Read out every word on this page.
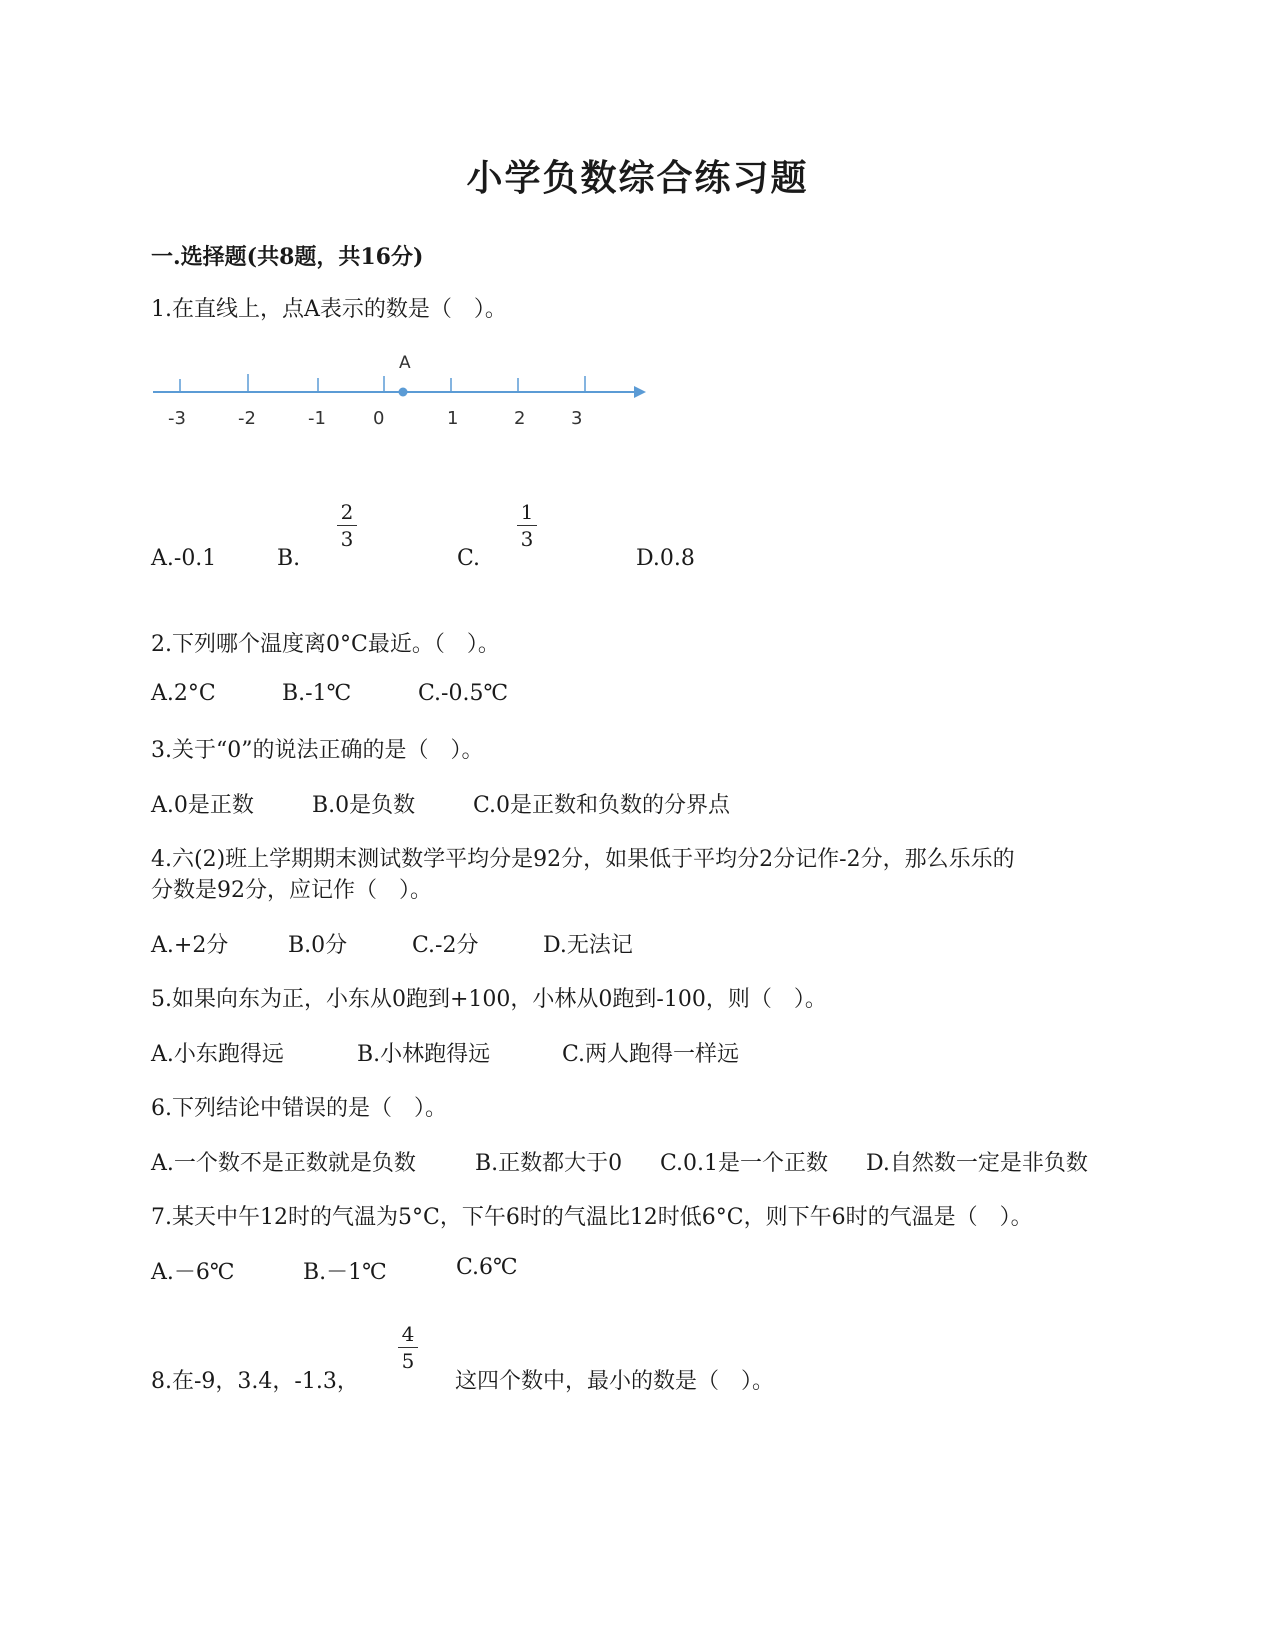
小学负数综合练习题
一.选择题(共8题，共16分)
1.在直线上，点A表示的数是（　）。
A
-3	-2	-1	0	1	2	3
A.-0.1	B.
2
3
C.
1
3
D.0.8
2.下列哪个温度离0°C最近。（　）。
A.2°C	B.-1℃	C.-0.5℃
3.关于“0”的说法正确的是（　）。
A.0是正数	B.0是负数	C.0是正数和负数的分界点
4.六(2)班上学期期末测试数学平均分是92分，如果低于平均分2分记作-2分，那么乐乐的
分数是92分，应记作（　）。
A.+2分	B.0分	C.-2分	D.无法记
5.如果向东为正，小东从0跑到+100，小林从0跑到-100，则（　）。
A.小东跑得远	B.小林跑得远	C.两人跑得一样远
6.下列结论中错误的是（　）。
A.一个数不是正数就是负数	B.正数都大于0 C.0.1是一个正数 D.自然数一定是非负数
7.某天中午12时的气温为5°C，下午6时的气温比12时低6°C，则下午6时的气温是（　）。
A.－6℃	B.－1℃	C.6℃
8.在-9，3.4，-1.3，
4
5
这四个数中，最小的数是（　）。
